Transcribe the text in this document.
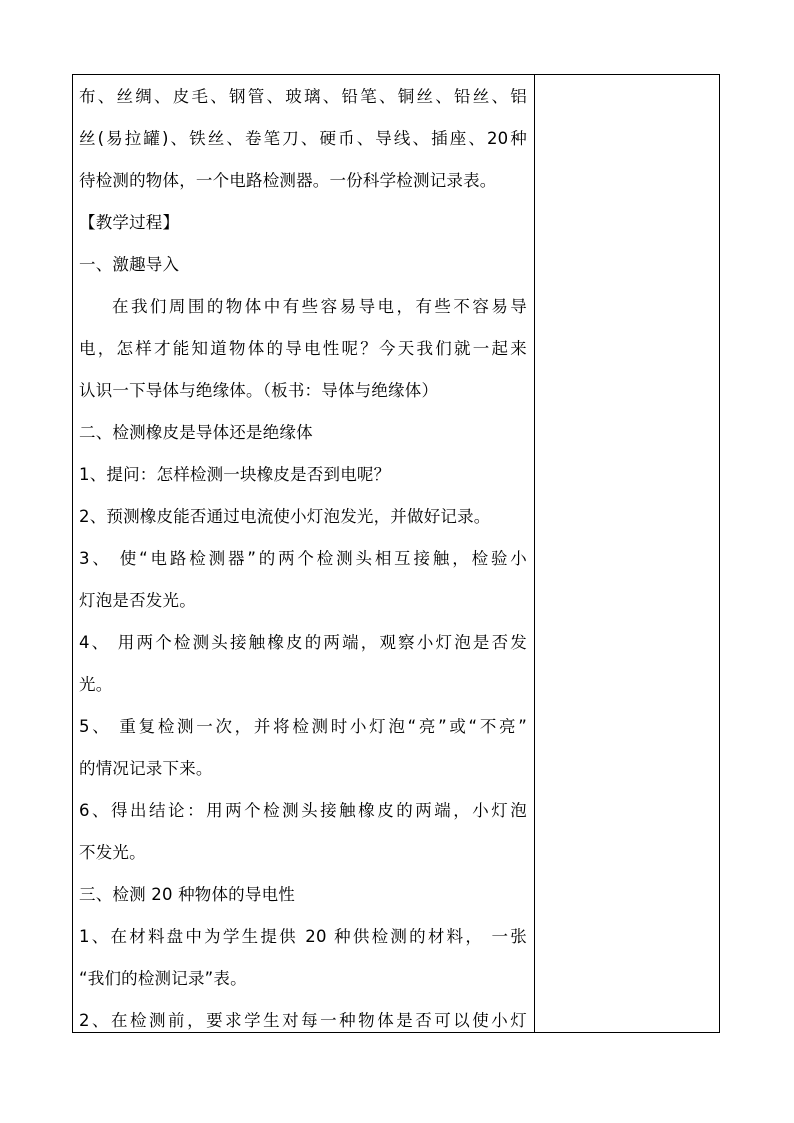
布、丝绸、皮毛、钢管、玻璃、铅笔、铜丝、铅丝、铝
丝(易拉罐)、铁丝、卷笔刀、硬币、导线、插座、20种
待检测的物体，一个电路检测器。一份科学检测记录表。
【教学过程】
一、激趣导入
在我们周围的物体中有些容易导电，有些不容易导
电，怎样才能知道物体的导电性呢？今天我们就一起来
认识一下导体与绝缘体。（板书：导体与绝缘体）
二、检测橡皮是导体还是绝缘体
1、提问：怎样检测一块橡皮是否到电呢？
2、预测橡皮能否通过电流使小灯泡发光，并做好记录。
3、 使“电路检测器”的两个检测头相互接触，检验小
灯泡是否发光。
4、 用两个检测头接触橡皮的两端，观察小灯泡是否发
光。
5、 重复检测一次，并将检测时小灯泡“亮”或“不亮”
的情况记录下来。
6、得出结论：用两个检测头接触橡皮的两端，小灯泡
不发光。
三、检测 20 种物体的导电性
1、在材料盘中为学生提供 20 种供检测的材料， 一张
“我们的检测记录”表。
2、在检测前，要求学生对每一种物体是否可以使小灯
